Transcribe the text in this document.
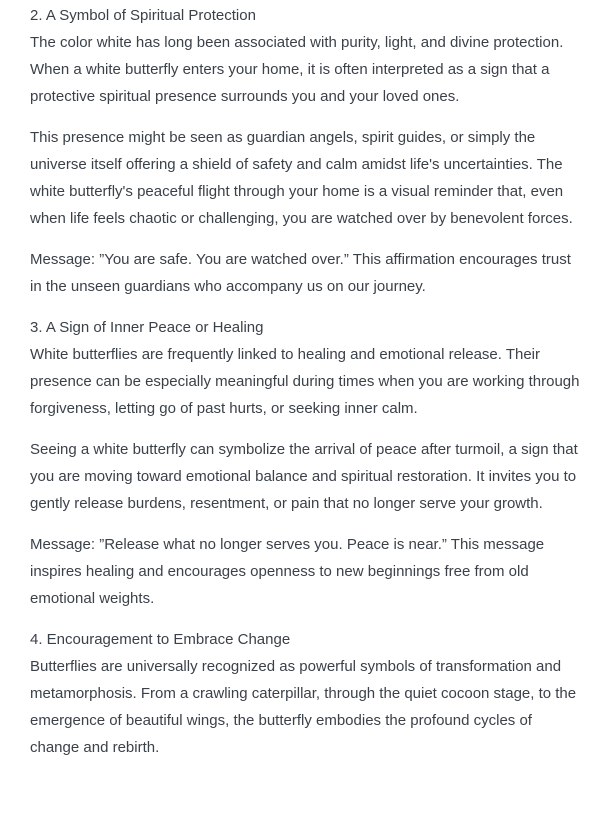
2. A Symbol of Spiritual Protection

The color white has long been associated with purity, light, and divine protection. When a white butterfly enters your home, it is often interpreted as a sign that a protective spiritual presence surrounds you and your loved ones.

This presence might be seen as guardian angels, spirit guides, or simply the universe itself offering a shield of safety and calm amidst life's uncertainties. The white butterfly's peaceful flight through your home is a visual reminder that, even when life feels chaotic or challenging, you are watched over by benevolent forces.

Message: ”You are safe. You are watched over.” This affirmation encourages trust in the unseen guardians who accompany us on our journey.

3. A Sign of Inner Peace or Healing

White butterflies are frequently linked to healing and emotional release. Their presence can be especially meaningful during times when you are working through forgiveness, letting go of past hurts, or seeking inner calm.

Seeing a white butterfly can symbolize the arrival of peace after turmoil, a sign that you are moving toward emotional balance and spiritual restoration. It invites you to gently release burdens, resentment, or pain that no longer serve your growth.

Message: ”Release what no longer serves you. Peace is near.” This message inspires healing and encourages openness to new beginnings free from old emotional weights.

4. Encouragement to Embrace Change

Butterflies are universally recognized as powerful symbols of transformation and metamorphosis. From a crawling caterpillar, through the quiet cocoon stage, to the emergence of beautiful wings, the butterfly embodies the profound cycles of change and rebirth.
